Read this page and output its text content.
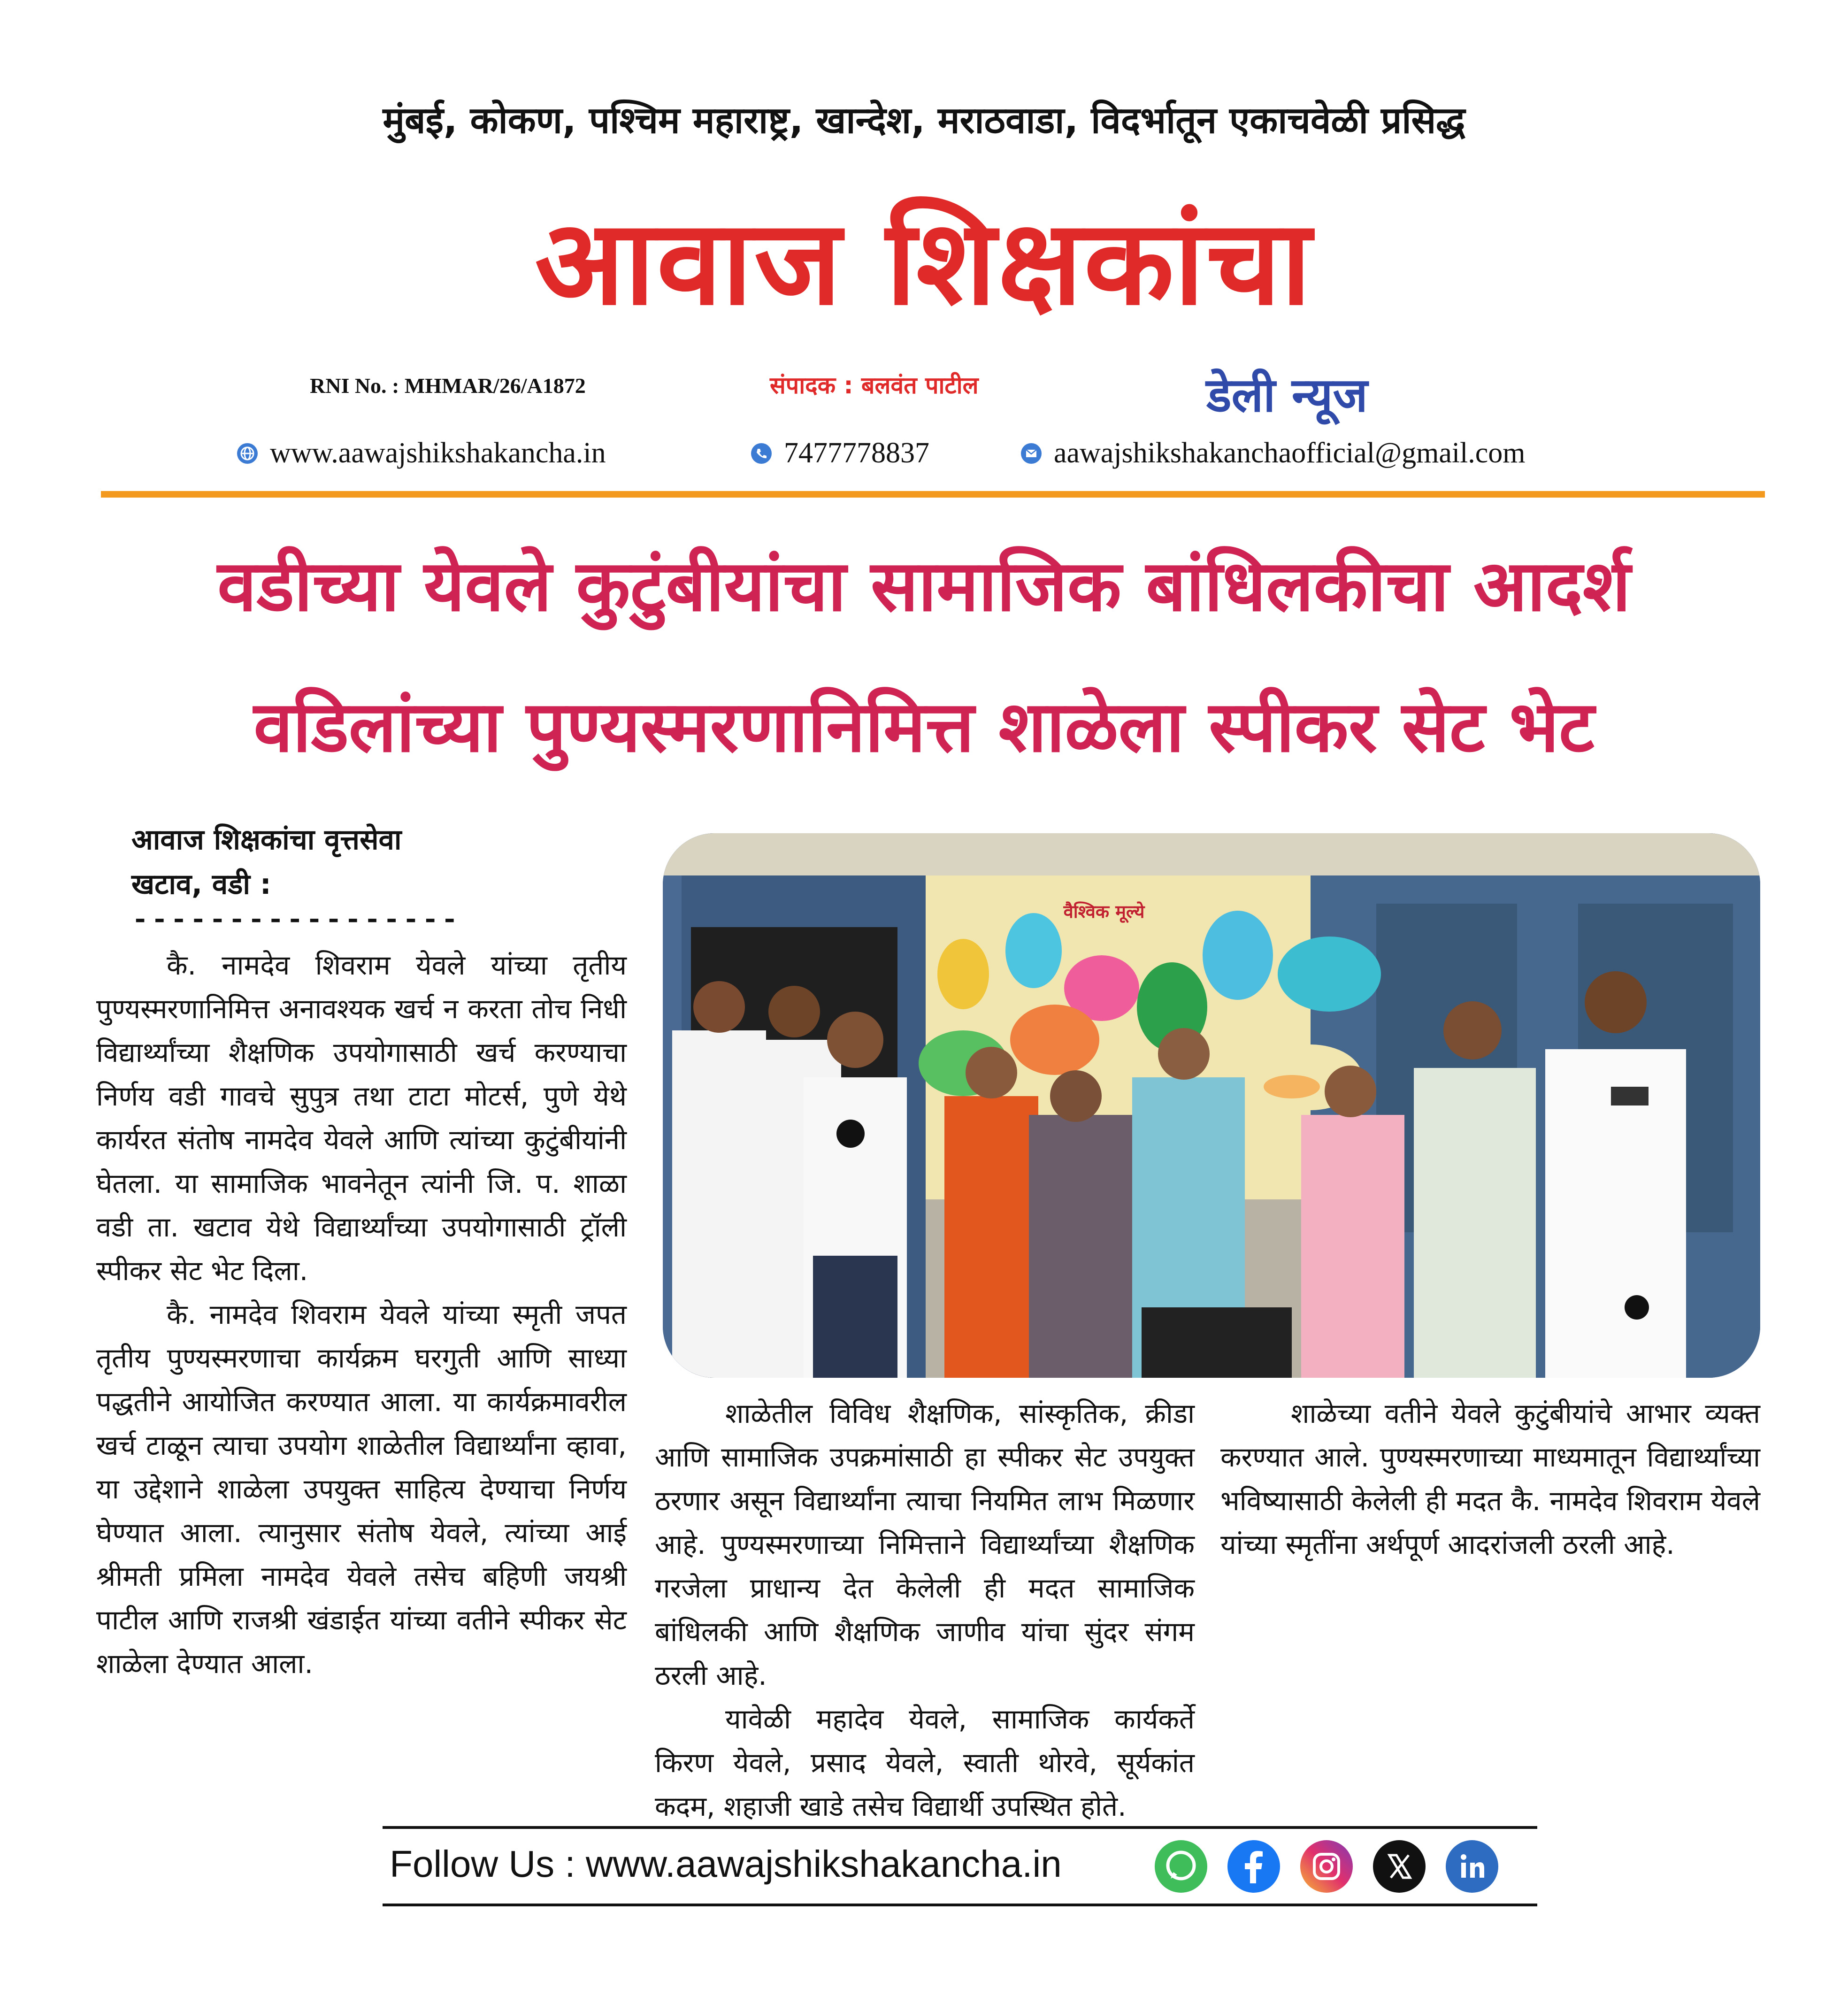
मुंबई, कोकण, पश्चिम महाराष्ट्र, खान्देश, मराठवाडा, विदर्भातून एकाचवेळी प्रसिद्ध
आवाज शिक्षकांचा
RNI No. : MHMAR/26/A1872	संपादक : बलवंत पाटील	डेली न्यूज
www.aawajshikshakancha.in	7477778837	aawajshikshakanchaofficial@gmail.com
वडीच्या येवले कुटुंबीयांचा सामाजिक बांधिलकीचा आदर्श
वडिलांच्या पुण्यस्मरणानिमित्त शाळेला स्पीकर सेट भेट
आवाज शिक्षकांचा वृत्तसेवा
खटाव, वडी :
-----------------

कै. नामदेव शिवराम येवले यांच्या तृतीय पुण्यस्मरणानिमित्त अनावश्यक खर्च न करता तोच निधी विद्यार्थ्यांच्या शैक्षणिक उपयोगासाठी खर्च करण्याचा निर्णय वडी गावचे सुपुत्र तथा टाटा मोटर्स, पुणे येथे कार्यरत संतोष नामदेव येवले आणि त्यांच्या कुटुंबीयांनी घेतला. या सामाजिक भावनेतून त्यांनी जि. प. शाळा वडी ता. खटाव येथे विद्यार्थ्यांच्या उपयोगासाठी ट्रॉली स्पीकर सेट भेट दिला.

कै. नामदेव शिवराम येवले यांच्या स्मृती जपत तृतीय पुण्यस्मरणाचा कार्यक्रम घरगुती आणि साध्या पद्धतीने आयोजित करण्यात आला. या कार्यक्रमावरील खर्च टाळून त्याचा उपयोग शाळेतील विद्यार्थ्यांना व्हावा, या उद्देशाने शाळेला उपयुक्त साहित्य देण्याचा निर्णय घेण्यात आला. त्यानुसार संतोष येवले, त्यांच्या आई श्रीमती प्रमिला नामदेव येवले तसेच बहिणी जयश्री पाटील आणि राजश्री खंडाईत यांच्या वतीने स्पीकर सेट शाळेला देण्यात आला.

वैश्विक मूल्ये

शाळेतील विविध शैक्षणिक, सांस्कृतिक, क्रीडा आणि सामाजिक उपक्रमांसाठी हा स्पीकर सेट उपयुक्त ठरणार असून विद्यार्थ्यांना त्याचा नियमित लाभ मिळणार आहे. पुण्यस्मरणाच्या निमित्ताने विद्यार्थ्यांच्या शैक्षणिक गरजेला प्राधान्य देत केलेली ही मदत सामाजिक बांधिलकी आणि शैक्षणिक जाणीव यांचा सुंदर संगम ठरली आहे.

यावेळी महादेव येवले, सामाजिक कार्यकर्ते किरण येवले, प्रसाद येवले, स्वाती थोरवे, सूर्यकांत कदम, शहाजी खाडे तसेच विद्यार्थी उपस्थित होते.

शाळेच्या वतीने येवले कुटुंबीयांचे आभार व्यक्त करण्यात आले. पुण्यस्मरणाच्या माध्यमातून विद्यार्थ्यांच्या भविष्यासाठी केलेली ही मदत कै. नामदेव शिवराम येवले यांच्या स्मृतींना अर्थपूर्ण आदरांजली ठरली आहे.

Follow Us : www.aawajshikshakancha.in
